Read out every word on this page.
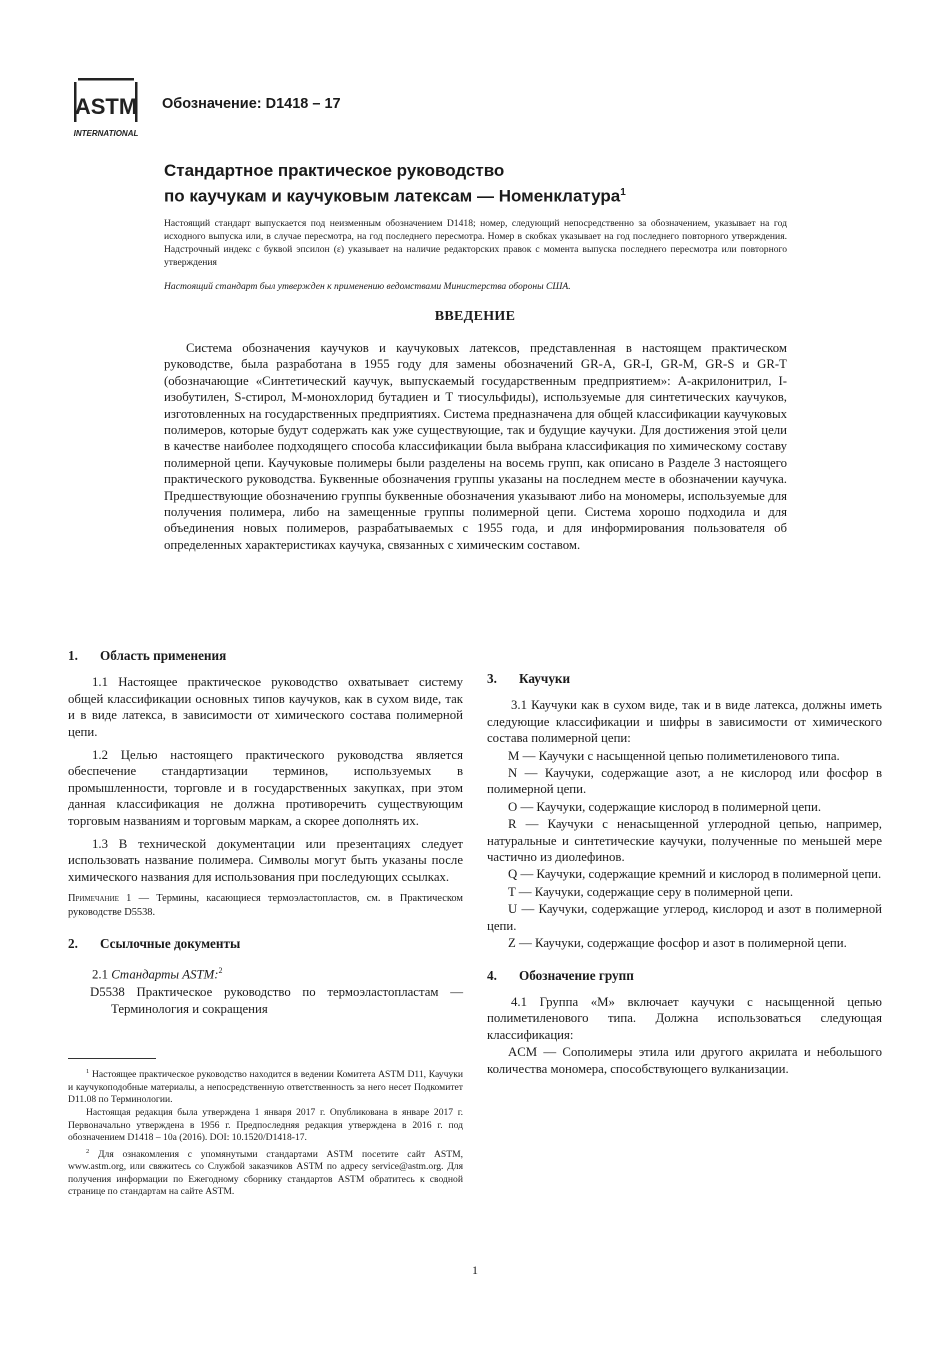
ASTM
INTERNATIONAL
Обозначение: D1418 – 17
Стандартное практическое руководство
по каучукам и каучуковым латексам — Номенклатура$^1$
Настоящий стандарт выпускается под неизменным обозначением D1418; номер, следующий непосредственно за обозначением, указывает на год исходного выпуска или, в случае пересмотра, на год последнего пересмотра. Номер в скобках указывает на год последнего повторного утверждения. Надстрочный индекс с буквой эпсилон (ε) указывает на наличие редакторских правок с момента выпуска последнего пересмотра или повторного утверждения
Настоящий стандарт был утвержден к применению ведомствами Министерства обороны США.
ВВЕДЕНИЕ

Система обозначения каучуков и каучуковых латексов, представленная в настоящем практическом руководстве, была разработана в 1955 году для замены обозначений GR-A, GR-I, GR-M, GR-S и GR-T (обозначающие «Синтетический каучук, выпускаемый государственным предприятием»: A-акрилонитрил, I-изобутилен, S-стирол, M-монохлорид бутадиен и T тиосульфиды), используемые для синтетических каучуков, изготовленных на государственных предприятиях. Система предназначена для общей классификации каучуковых полимеров, которые будут содержать как уже существующие, так и будущие каучуки. Для достижения этой цели в качестве наиболее подходящего способа классификации была выбрана классификация по химическому составу полимерной цепи. Каучуковые полимеры были разделены на восемь групп, как описано в Разделе 3 настоящего практического руководства. Буквенные обозначения группы указаны на последнем месте в обозначении каучука. Предшествующие обозначению группы буквенные обозначения указывают либо на мономеры, используемые для получения полимера, либо на замещенные группы полимерной цепи. Система хорошо подходила и для объединения новых полимеров, разрабатываемых с 1955 года, и для информирования пользователя об определенных характеристиках каучука, связанных с химическим составом.

1.	Область применения

1.1 Настоящее практическое руководство охватывает систему общей классификации основных типов каучуков, как в сухом виде, так и в виде латекса, в зависимости от химического состава полимерной цепи.

1.2 Целью настоящего практического руководства является обеспечение стандартизации терминов, используемых в промышленности, торговле и в государственных закупках, при этом данная классификация не должна противоречить существующим торговым названиям и торговым маркам, а скорее дополнять их.

1.3 В технической документации или презентациях следует использовать название полимера. Символы могут быть указаны после химического названия для использования при последующих ссылках.

Примечание 1 — Термины, касающиеся термоэластопластов, см. в Практическом руководстве D5538.

2.	Ссылочные документы

2.1 Стандарты ASTM:$^2$

D5538 Практическое руководство по термоэластопластам — Терминология и сокращения

$^1$ Настоящее практическое руководство находится в ведении Комитета ASTM D11, Каучуки и каучукоподобные материалы, а непосредственную ответственность за него несет Подкомитет D11.08 по Терминологии.

Настоящая редакция была утверждена 1 января 2017 г. Опубликована в январе 2017 г. Первоначально утверждена в 1956 г. Предпоследняя редакция утверждена в 2016 г. под обозначением D1418 – 10a (2016). DOI: 10.1520/D1418-17.

$^2$ Для ознакомления с упомянутыми стандартами ASTM посетите сайт ASTM, www.astm.org, или свяжитесь со Службой заказчиков ASTM по адресу service@astm.org. Для получения информации по Ежегодному сборнику стандартов ASTM обратитесь к сводной странице по стандартам на сайте ASTM.

3.	Каучуки

3.1 Каучуки как в сухом виде, так и в виде латекса, должны иметь следующие классификации и шифры в зависимости от химического состава полимерной цепи:

M — Каучуки с насыщенной цепью полиметиленового типа.

N — Каучуки, содержащие азот, а не кислород или фосфор в полимерной цепи.

O — Каучуки, содержащие кислород в полимерной цепи.

R — Каучуки с ненасыщенной углеродной цепью, например, натуральные и синтетические каучуки, полученные по меньшей мере частично из диолефинов.

Q — Каучуки, содержащие кремний и кислород в полимерной цепи.

T — Каучуки, содержащие серу в полимерной цепи.

U — Каучуки, содержащие углерод, кислород и азот в полимерной цепи.

Z — Каучуки, содержащие фосфор и азот в полимерной цепи.

4.	Обозначение групп

4.1 Группа «M» включает каучуки с насыщенной цепью полиметиленового типа. Должна использоваться следующая классификация:

ACM — Сополимеры этила или другого акрилата и небольшого количества мономера, способствующего вулканизации.

1
